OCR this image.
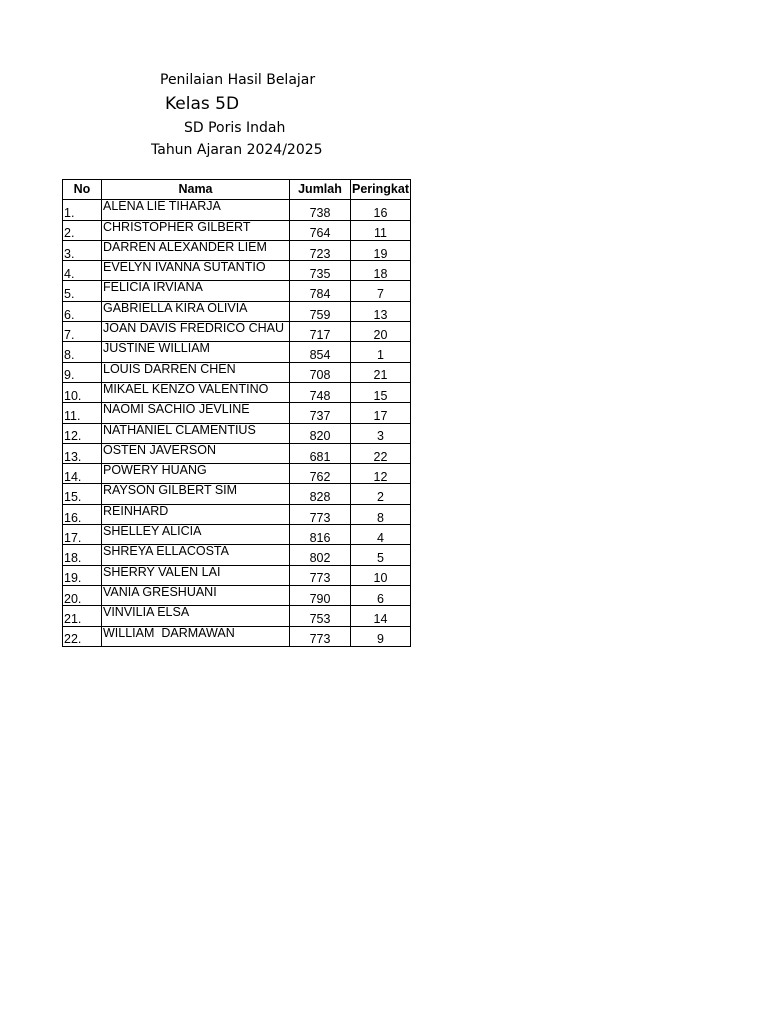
Penilaian Hasil Belajar
Kelas 5D
SD Poris Indah
Tahun Ajaran 2024/2025
No	Nama	Jumlah	Peringkat
1.	ALENA LIE TIHARJA	738	16
2.	CHRISTOPHER GILBERT	764	11
3.	DARREN ALEXANDER LIEM	723	19
4.	EVELYN IVANNA SUTANTIO	735	18
5.	FELICIA IRVIANA	784	7
6.	GABRIELLA KIRA OLIVIA	759	13
7.	JOAN DAVIS FREDRICO CHAU	717	20
8.	JUSTINE WILLIAM	854	1
9.	LOUIS DARREN CHEN	708	21
10.	MIKAEL KENZO VALENTINO	748	15
11.	NAOMI SACHIO JEVLINE	737	17
12.	NATHANIEL CLAMENTIUS	820	3
13.	OSTEN JAVERSON	681	22
14.	POWERY HUANG	762	12
15.	RAYSON GILBERT SIM	828	2
16.	REINHARD	773	8
17.	SHELLEY ALICIA	816	4
18.	SHREYA ELLACOSTA	802	5
19.	SHERRY VALEN LAI	773	10
20.	VANIA GRESHUANI	790	6
21.	VINVILIA ELSA	753	14
22.	WILLIAM  DARMAWAN	773	9
